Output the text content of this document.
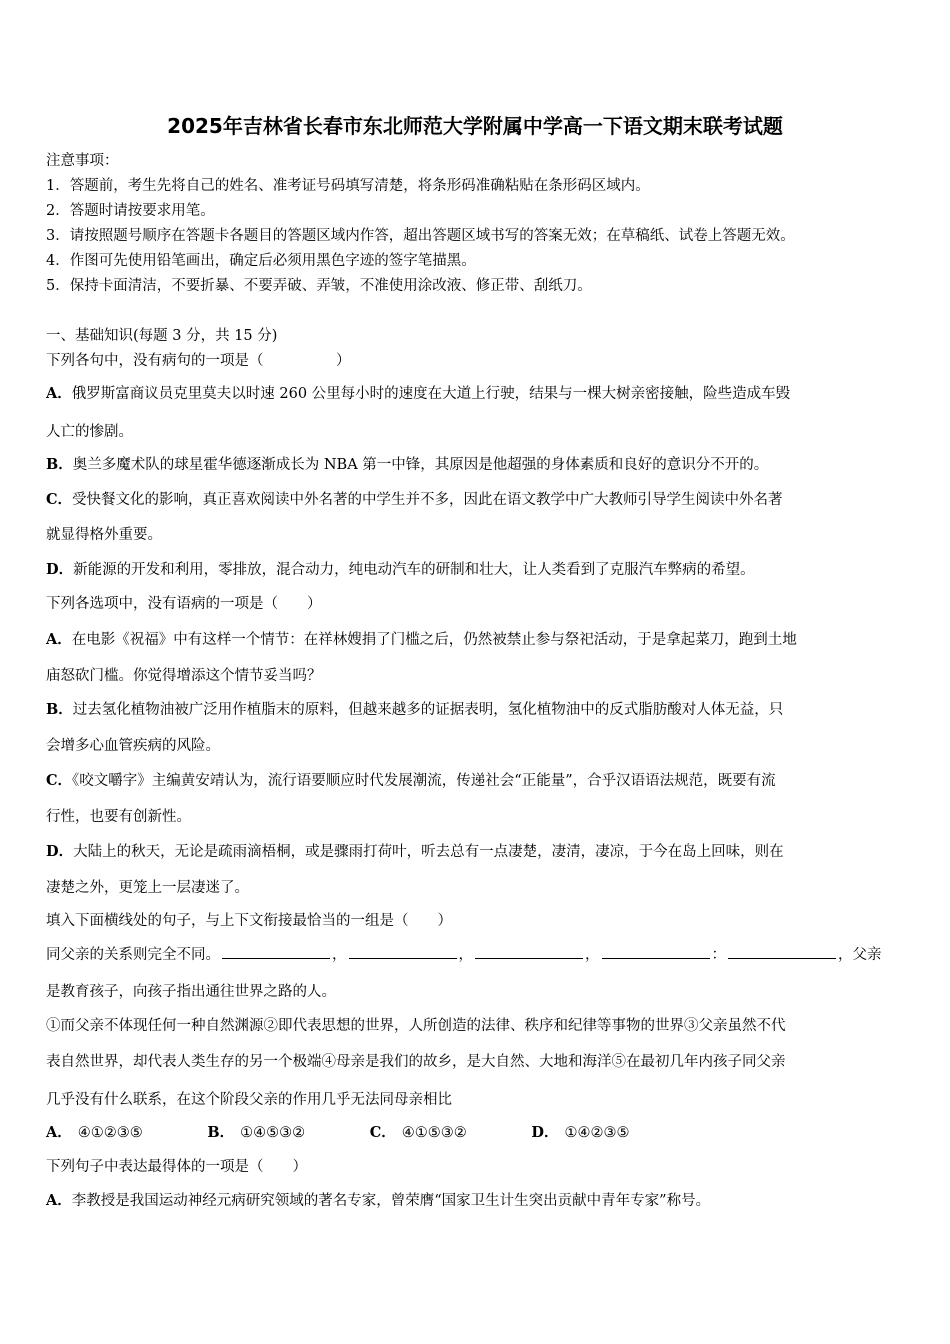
2025年吉林省长春市东北师范大学附属中学高一下语文期末联考试题
注意事项：
1．答题前，考生先将自己的姓名、准考证号码填写清楚，将条形码准确粘贴在条形码区域内。
2．答题时请按要求用笔。
3．请按照题号顺序在答题卡各题目的答题区域内作答，超出答题区域书写的答案无效；在草稿纸、试卷上答题无效。
4．作图可先使用铅笔画出，确定后必须用黑色字迹的签字笔描黑。
5．保持卡面清洁，不要折暴、不要弄破、弄皱，不准使用涂改液、修正带、刮纸刀。
一、基础知识(每题 3 分，共 15 分)
下列各句中，没有病句的一项是（　　　　　）
A．俄罗斯富商议员克里莫夫以时速 260 公里每小时的速度在大道上行驶，结果与一棵大树亲密接触，险些造成车毁
人亡的惨剧。
B．奥兰多魔术队的球星霍华德逐渐成长为 NBA 第一中锋，其原因是他超强的身体素质和良好的意识分不开的。
C．受快餐文化的影响，真正喜欢阅读中外名著的中学生并不多，因此在语文教学中广大教师引导学生阅读中外名著
就显得格外重要。
D．新能源的开发和利用，零排放，混合动力，纯电动汽车的研制和壮大，让人类看到了克服汽车弊病的希望。
下列各选项中，没有语病的一项是（　　）
A．在电影《祝福》中有这样一个情节：在祥林嫂捐了门槛之后，仍然被禁止参与祭祀活动，于是拿起菜刀，跑到土地
庙怒砍门槛。你觉得增添这个情节妥当吗？
B．过去氢化植物油被广泛用作植脂末的原料，但越来越多的证据表明，氢化植物油中的反式脂肪酸对人体无益，只
会增多心血管疾病的风险。
C．《咬文嚼字》主编黄安靖认为，流行语要顺应时代发展潮流，传递社会“正能量”，合乎汉语语法规范，既要有流
行性，也要有创新性。
D．大陆上的秋天，无论是疏雨滴梧桐，或是骤雨打荷叶，听去总有一点凄楚，凄清，凄凉，于今在岛上回味，则在
凄楚之外，更笼上一层凄迷了。
填入下面横线处的句子，与上下文衔接最恰当的一组是（　　）
同父亲的关系则完全不同。	，	，	，	：	，父亲
是教育孩子，向孩子指出通往世界之路的人。
①而父亲不体现任何一种自然渊源②即代表思想的世界，人所创造的法律、秩序和纪律等事物的世界③父亲虽然不代
表自然世界，却代表人类生存的另一个极端④母亲是我们的故乡，是大自然、大地和海洋⑤在最初几年内孩子同父亲
几乎没有什么联系，在这个阶段父亲的作用几乎无法同母亲相比
A． ④①②③⑤	B． ①④⑤③②	C． ④①⑤③②	D． ①④②③⑤
下列句子中表达最得体的一项是（　　）
A．李教授是我国运动神经元病研究领域的著名专家，曾荣膺“国家卫生计生突出贡献中青年专家”称号。
